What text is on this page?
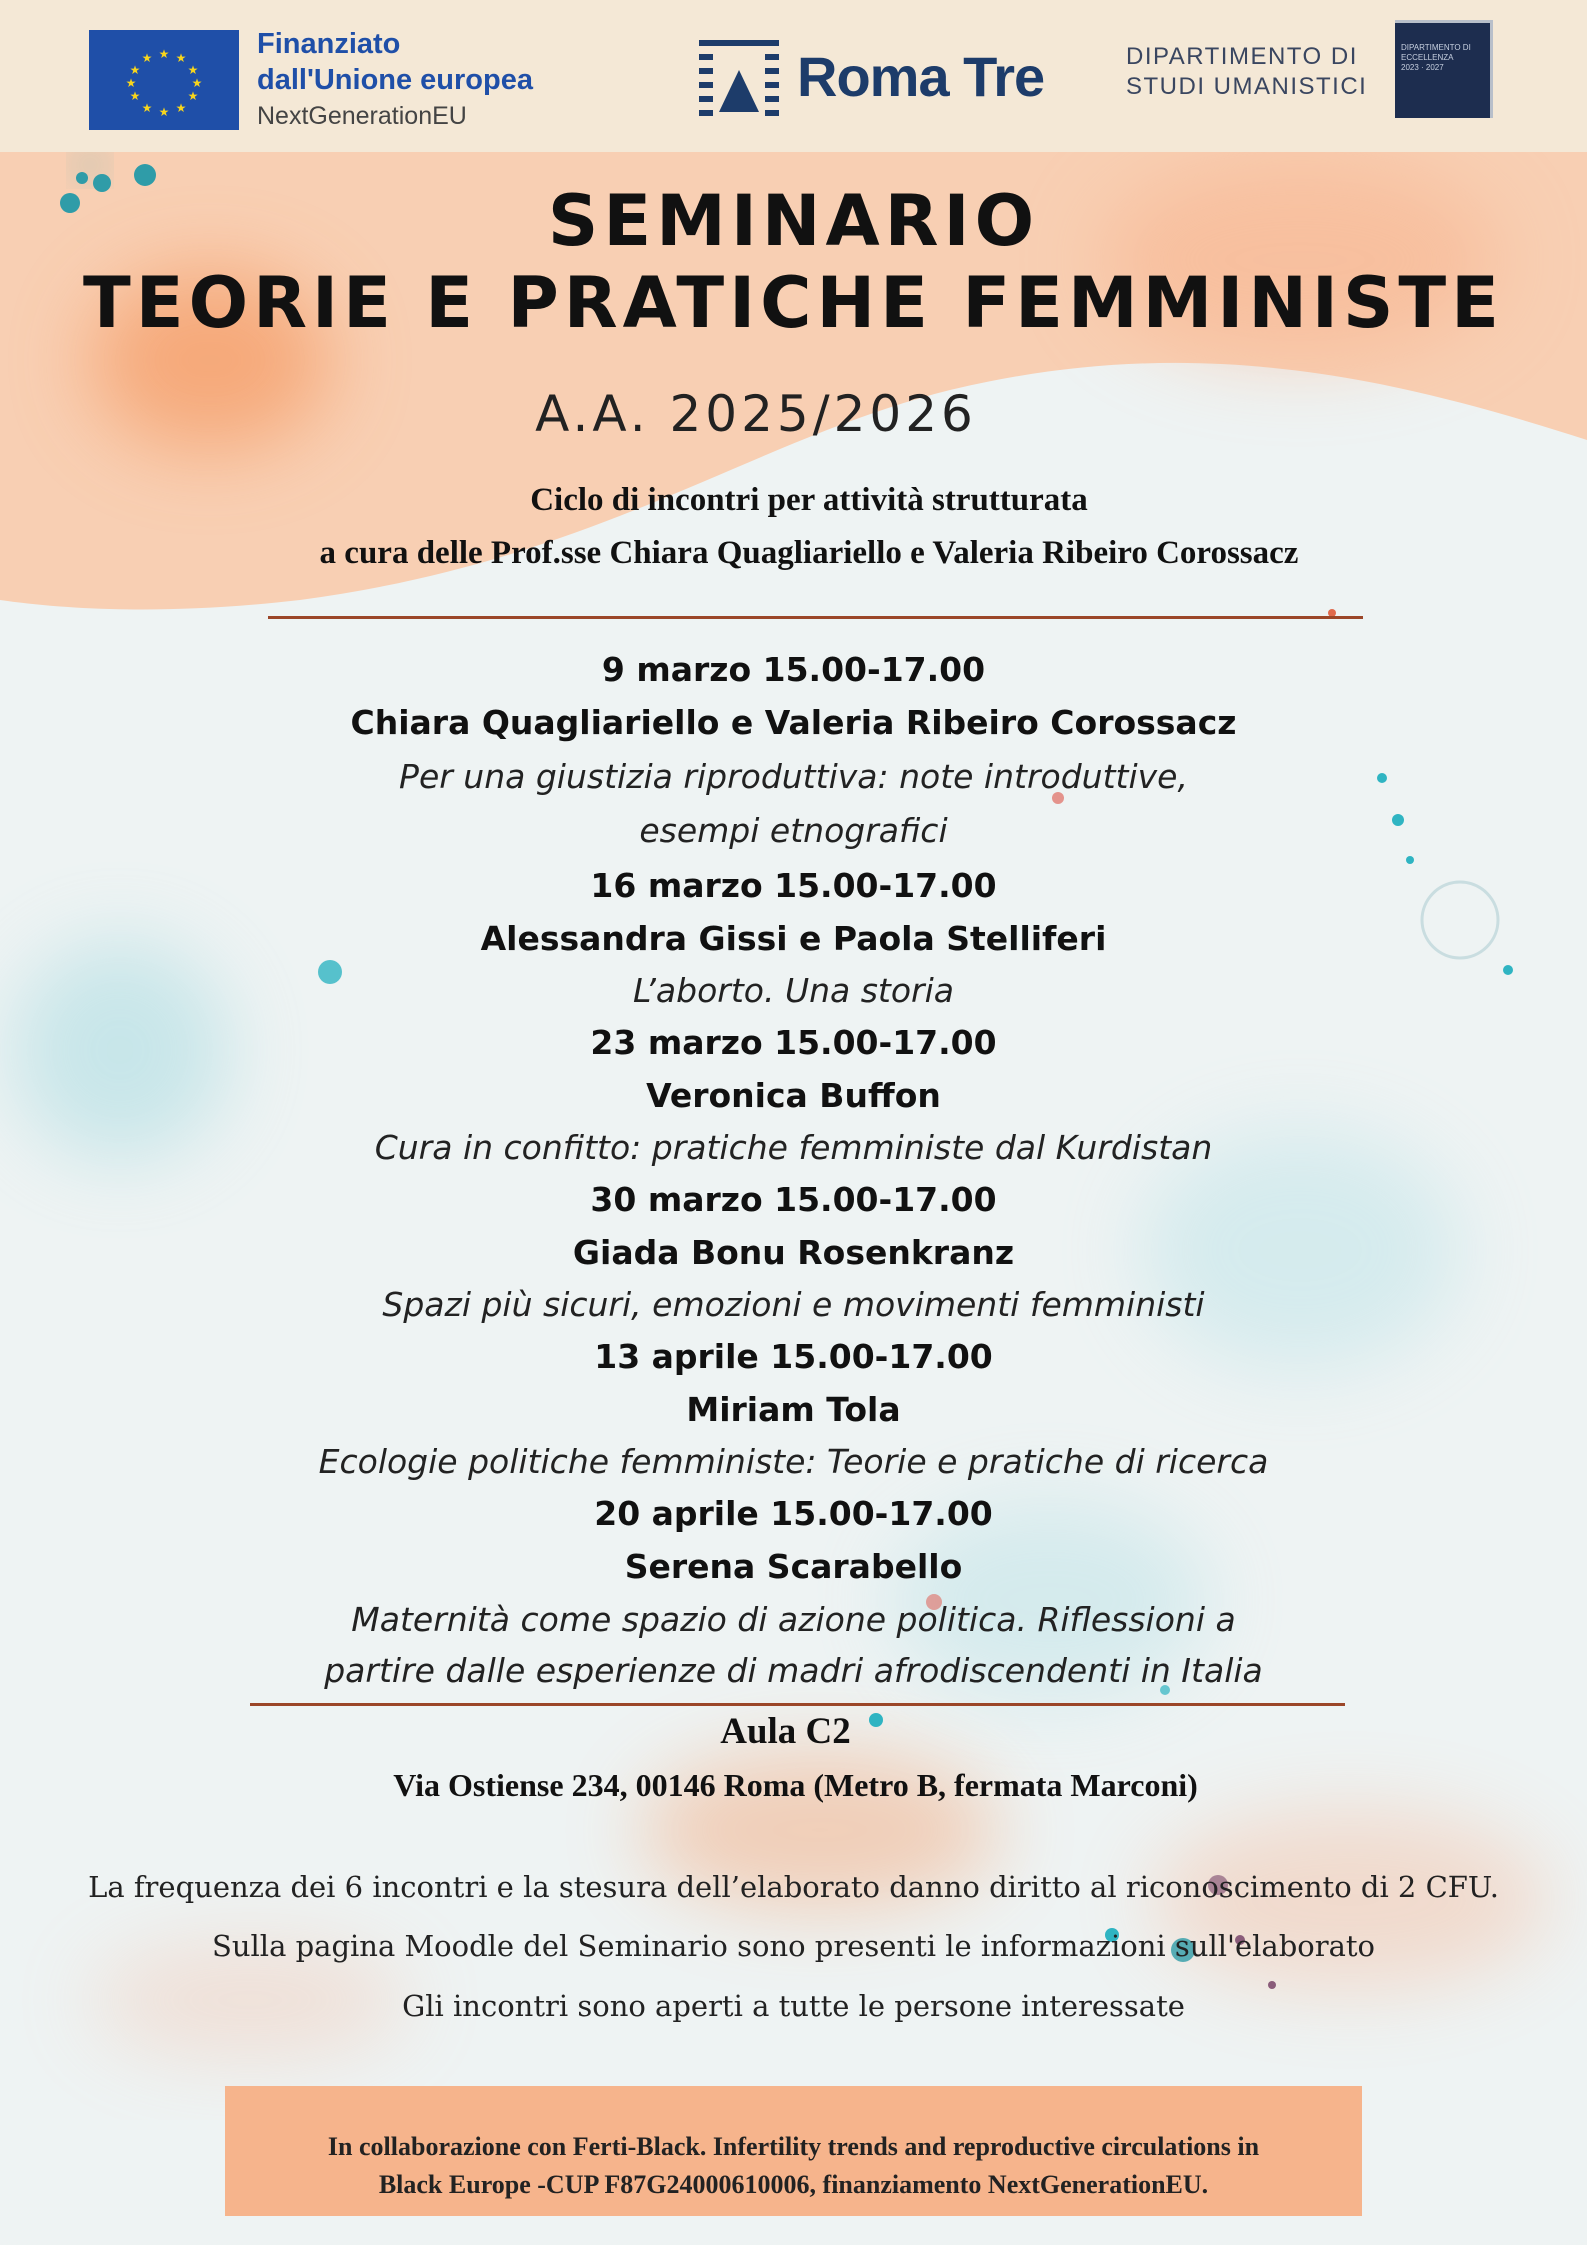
★ ★
★
★
★
★
★
★
★
★
★
★	Finanziato
dall'Unione europea
NextGenerationEU
Roma Tre	DIPARTIMENTO DI
STUDI UMANISTICI
DIPARTIMENTO DI
ECCELLENZA
2023 · 2027
SEMINARIO
TEORIE E PRATICHE FEMMINISTE
A.A. 2025/2026
Ciclo di incontri per attività strutturata
a cura delle Prof.sse Chiara Quagliariello e Valeria Ribeiro Corossacz
9 marzo 15.00-17.00
Chiara Quagliariello e Valeria Ribeiro Corossacz
Per una giustizia riproduttiva: note introduttive,
esempi etnografici
16 marzo 15.00-17.00
Alessandra Gissi e Paola Stelliferi
L’aborto. Una storia
23 marzo 15.00-17.00
Veronica Buffon
Cura in confitto: pratiche femministe dal Kurdistan
30 marzo 15.00-17.00
Giada Bonu Rosenkranz
Spazi più sicuri, emozioni e movimenti femministi
13 aprile 15.00-17.00
Miriam Tola
Ecologie politiche femministe: Teorie e pratiche di ricerca
20 aprile 15.00-17.00
Serena Scarabello
Maternità come spazio di azione politica. Riflessioni a
partire dalle esperienze di madri afrodiscendenti in Italia
Aula C2
Via Ostiense 234, 00146 Roma (Metro B, fermata Marconi)
La frequenza dei 6 incontri e la stesura dell’elaborato danno diritto al riconoscimento di 2 CFU.
Sulla pagina Moodle del Seminario sono presenti le informazioni sull'elaborato
Gli incontri sono aperti a tutte le persone interessate
In collaborazione con Ferti-Black. Infertility trends and reproductive circulations in
Black Europe -CUP F87G24000610006, finanziamento NextGenerationEU.
